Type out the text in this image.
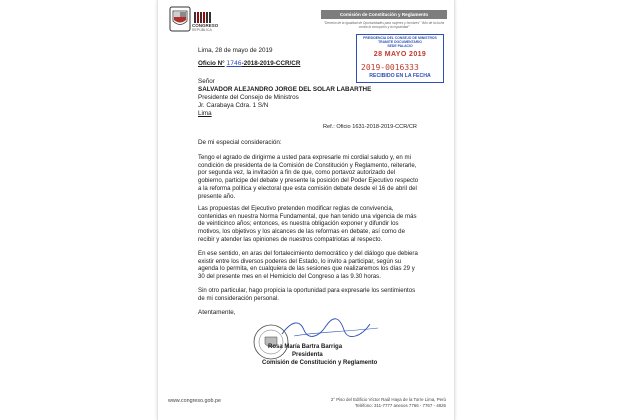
CONGRESO
REPÚBLICA
Comisión de Constitución y Reglamento
"Decenio de la Igualdad de Oportunidades para mujeres y hombres" "Año de la lucha contra la corrupción y la impunidad"
PRESIDENCIA DEL CONSEJO DE MINISTROS
TRAMITE DOCUMENTARIO
SEDE PALACIO
28 MAYO 2019
2019-0016333
RECIBIDO EN LA FECHA
Lima, 28 de mayo de 2019
Oficio N° 1746-2018-2019-CCR/CR
Señor
SALVADOR ALEJANDRO JORGE DEL SOLAR LABARTHE
Presidente del Consejo de Ministros
Jr. Carabaya Cdra. 1 S/N
Lima
Ref.: Oficio 1631-2018-2019-CCR/CR
De mi especial consideración:
Tengo el agrado de dirigirme a usted para expresarle mi cordial saludo y, en mi
condición de presidenta de la Comisión de Constitución y Reglamento, reiterarle,
por segunda vez, la invitación a fin de que, como portavoz autorizado del
gobierno, participe del debate y presente la posición del Poder Ejecutivo respecto
a la reforma política y electoral que esta comisión debate desde el 16 de abril del
presente año.
Las propuestas del Ejecutivo pretenden modificar reglas de convivencia,
contenidas en nuestra Norma Fundamental, que han tenido una vigencia de más
de veinticinco años; entonces, es nuestra obligación exponer y difundir los
motivos, los objetivos y los alcances de las reformas en debate, así como de
recibir y atender las opiniones de nuestros compatriotas al respecto.
En ese sentido, en aras del fortalecimiento democrático y del diálogo que debiera
existir entre los diversos poderes del Estado, lo invito a participar, según su
agenda lo permita, en cualquiera de las sesiones que realizaremos los días 29 y
30 del presente mes en el Hemiciclo del Congreso a las 9.30 horas.
Sin otro particular, hago propicia la oportunidad para expresarle los sentimientos
de mi consideración personal.
Atentamente,
Rosa María Bartra Barriga
Presidenta
Comisión de Constitución y Reglamento
www.congreso.gob.pe	2° Piso del Edificio Víctor Raúl Haya de la Torre Lima, Perú
Teléfono: 311-7777 anexos 7766 - 7767 - 4826
